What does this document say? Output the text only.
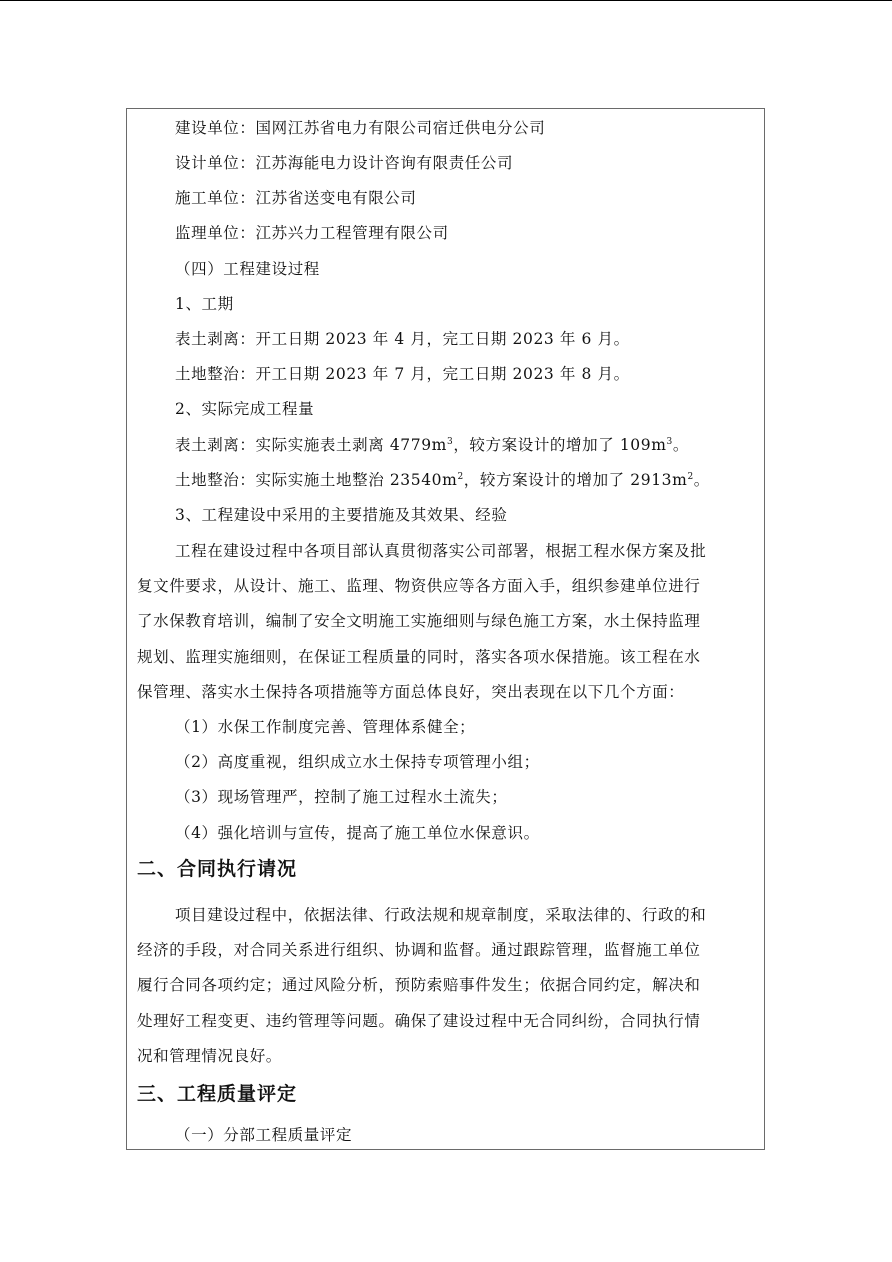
建设单位：国网江苏省电力有限公司宿迁供电分公司
设计单位：江苏海能电力设计咨询有限责任公司
施工单位：江苏省送变电有限公司
监理单位：江苏兴力工程管理有限公司
（四）工程建设过程
1、工期
表土剥离：开工日期 2023 年 4 月，完工日期 2023 年 6 月。
土地整治：开工日期 2023 年 7 月，完工日期 2023 年 8 月。
2、实际完成工程量
表土剥离：实际实施表土剥离 $4779m^3$，较方案设计的增加了 $109m^3$。
土地整治：实际实施土地整治 $23540m^2$，较方案设计的增加了 $2913m^2$。
3、工程建设中采用的主要措施及其效果、经验
工程在建设过程中各项目部认真贯彻落实公司部署，根据工程水保方案及批
复文件要求，从设计、施工、监理、物资供应等各方面入手，组织参建单位进行
了水保教育培训，编制了安全文明施工实施细则与绿色施工方案，水土保持监理
规划、监理实施细则，在保证工程质量的同时，落实各项水保措施。该工程在水
保管理、落实水土保持各项措施等方面总体良好，突出表现在以下几个方面：
（1）水保工作制度完善、管理体系健全；
（2）高度重视，组织成立水土保持专项管理小组；
（3）现场管理严，控制了施工过程水土流失；
（4）强化培训与宣传，提高了施工单位水保意识。
二、合同执行请况
项目建设过程中，依据法律、行政法规和规章制度，采取法律的、行政的和
经济的手段，对合同关系进行组织、协调和监督。通过跟踪管理，监督施工单位
履行合同各项约定；通过风险分析，预防索赔事件发生；依据合同约定，解决和
处理好工程变更、违约管理等问题。确保了建设过程中无合同纠纷，合同执行情
况和管理情况良好。
三、工程质量评定
（一）分部工程质量评定
